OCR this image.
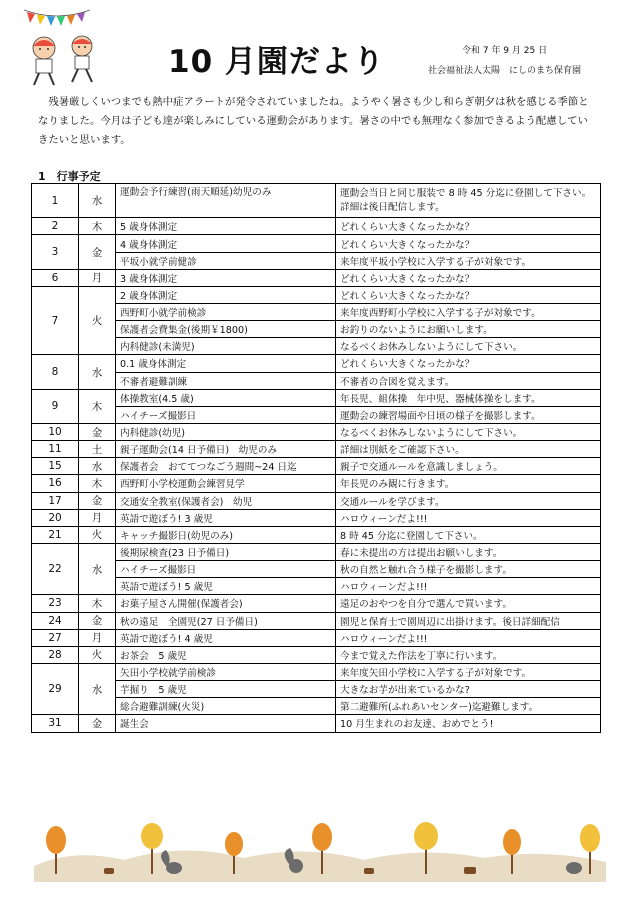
10 月園だより	令和 7 年 9 月 25 日
社会福祉法人太陽　にしのまち保育園

　残暑厳しくいつまでも熱中症アラートが発令されていましたね。ようやく暑さも少し和らぎ朝夕は秋を感じる季節となりました。今月は子ども達が楽しみにしている運動会があります。暑さの中でも無理なく参加できるよう配慮していきたいと思います。

1　行事予定
1	水	運動会予行練習(雨天順延)幼児のみ	運動会当日と同じ服装で 8 時 45 分迄に登園して下さい。
詳細は後日配信します。

2	木	5 歳身体測定	どれくらい大きくなったかな？
3	金	4 歳身体測定	どれくらい大きくなったかな？
		平坂小就学前健診	来年度平坂小学校に入学する子が対象です。
6	月	3 歳身体測定	どれくらい大きくなったかな？
7	火	2 歳身体測定	どれくらい大きくなったかな？
		西野町小就学前検診	来年度西野町小学校に入学する子が対象です。
		保護者会費集金(後期￥1800)	お釣りのないようにお願いします。
		内科健診(未満児)	なるべくお休みしないようにして下さい。
8	水	0.1 歳身体測定	どれくらい大きくなったかな？
		不審者避難訓練	不審者の合図を覚えます。
9	木	体操教室(4.5 歳)	年長児、組体操　年中児、器械体操をします。
		ハイチーズ撮影日	運動会の練習場面や日頃の様子を撮影します。
10	金	内科健診(幼児)	なるべくお休みしないようにして下さい。
11	土	親子運動会(14 日予備日)　幼児のみ	詳細は別紙をご確認下さい。
15	水	保護者会　おててつなごう週間~24 日迄	親子で交通ルールを意識しましょう。
16	木	西野町小学校運動会練習見学	年長児のみ観に行きます。
17	金	交通安全教室(保護者会)　幼児	交通ルールを学びます。
20	月	英語で遊ぼう! 3 歳児	ハロウィーンだよ!!!
21	火	キャッチ撮影日(幼児のみ)	8 時 45 分迄に登園して下さい。
22	水	後期尿検査(23 日予備日)	春に未提出の方は提出お願いします。
		ハイチーズ撮影日	秋の自然と触れ合う様子を撮影します。
		英語で遊ぼう! 5 歳児	ハロウィーンだよ!!!
23	木	お菓子屋さん開催(保護者会)	遠足のおやつを自分で選んで買います。
24	金	秋の遠足　全園児(27 日予備日)	園児と保育士で園周辺に出掛けます。後日詳細配信
27	月	英語で遊ぼう! 4 歳児	ハロウィーンだよ!!!
28	火	お茶会　5 歳児	今まで覚えた作法を丁寧に行います。
29	水	矢田小学校就学前検診	来年度矢田小学校に入学する子が対象です。
		芋掘り　5 歳児	大きなお芋が出来ているかな?
		総合避難訓練(火災)	第二避難所(ふれあいセンター)迄避難します。
31	金	誕生会	10 月生まれのお友達、おめでとう!
